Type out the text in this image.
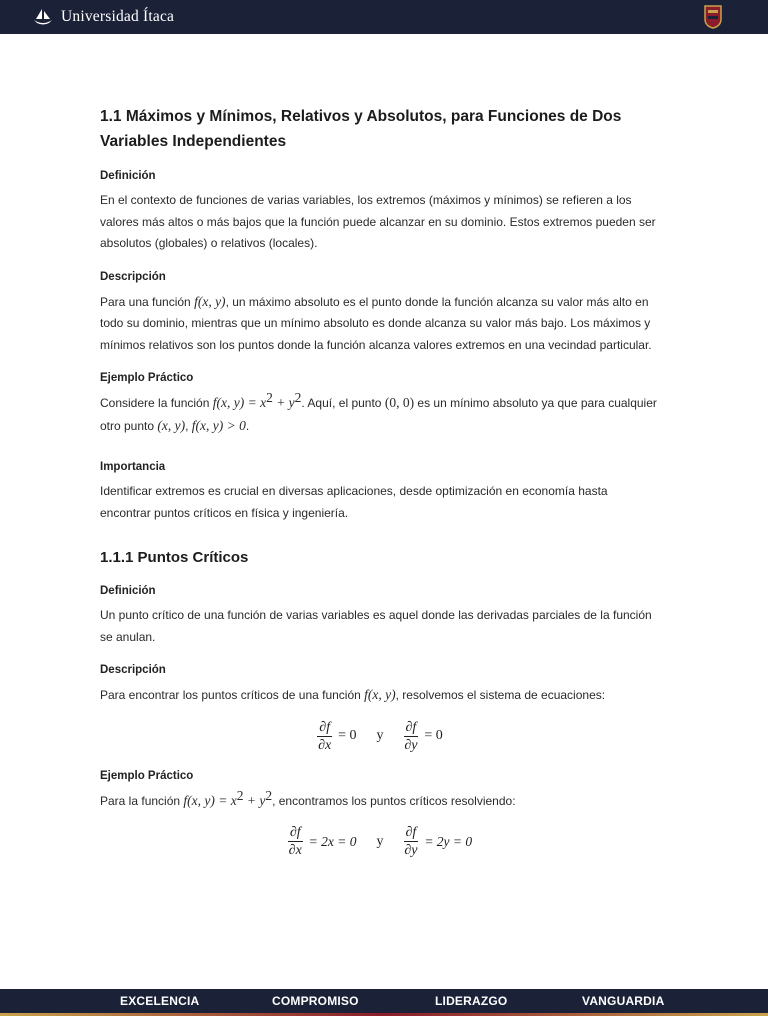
Universidad Ítaca
1.1 Máximos y Mínimos, Relativos y Absolutos, para Funciones de Dos
Variables Independientes
Definición
En el contexto de funciones de varias variables, los extremos (máximos y mínimos) se refieren a los valores más altos o más bajos que la función puede alcanzar en su dominio. Estos extremos pueden ser absolutos (globales) o relativos (locales).
Descripción
Para una función f(x, y), un máximo absoluto es el punto donde la función alcanza su valor más alto en todo su dominio, mientras que un mínimo absoluto es donde alcanza su valor más bajo. Los máximos y mínimos relativos son los puntos donde la función alcanza valores extremos en una vecindad particular.
Ejemplo Práctico
Considere la función f(x, $y) = x^2 + y^2$. Aquí, el punto (0, 0) es un mínimo absoluto ya que para cualquier otro punto (x, y), f(x, y) > 0.
Importancia
Identificar extremos es crucial en diversas aplicaciones, desde optimización en economía hasta encontrar puntos críticos en física y ingeniería.
1.1.1 Puntos Críticos
Definición
Un punto crítico de una función de varias variables es aquel donde las derivadas parciales de la función se anulan.
Descripción
Para encontrar los puntos críticos de una función f(x, y), resolvemos el sistema de ecuaciones:
$\frac{\partial f}{\partial x} = 0$ y $\frac{\partial f}{\partial y} = 0$
Ejemplo Práctico
Para la función f(x, $y) = x^2 + y^2$, encontramos los puntos críticos resolviendo:
$\frac{\partial f}{\partial x} = 2x = 0$ y $\frac{\partial f}{\partial y} = 2y = 0$
EXCELENCIA	COMPROMISO	LIDERAZGO	VANGUARDIA
